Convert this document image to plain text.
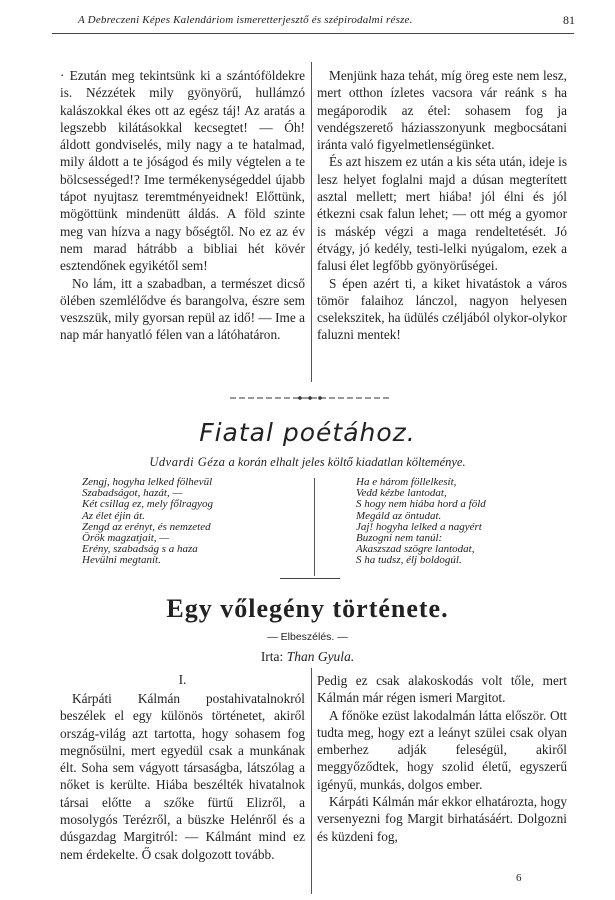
A Debreczeni Képes Kalendáriom ismeretterjesztő és szépirodalmi része.	81

· Ezután meg tekintsünk ki a szántóföldekre is. Nézzétek mily gyönyörű, hullámzó kalászokkal ékes ott az egész táj! Az aratás a legszebb kilátásokkal kecsegtet! — Óh! áldott gondviselés, mily nagy a te hatalmad, mily áldott a te jóságod és mily végtelen a te bölcsességed!? Ime termékenységeddel újabb tápot nyujtasz teremtményeidnek! Előttünk, mögöttünk mindenütt áldás. A föld szinte meg van hízva a nagy bőségtől. No ez az év nem marad hátrább a bibliai hét kövér esztendőnek egyikétől sem!

No lám, itt a szabadban, a természet dicső ölében szemlélődve és barangolva, észre sem veszszük, mily gyorsan repül az idő! — Ime a nap már hanyatló félen van a látóhatáron.

Menjünk haza tehát, míg öreg este nem lesz, mert otthon ízletes vacsora vár reánk s ha megáporodik az étel: sohasem fog ja vendégszerető háziasszonyunk megbocsátani iránta való figyelmetlenségünket.

És azt hiszem ez után a kis séta után, ideje is lesz helyet foglalni majd a dúsan megterített asztal mellett; mert hiába! jól élni és jól étkezni csak falun lehet; — ott még a gyomor is máskép végzi a maga rendeltetését. Jó étvágy, jó kedély, testi-lelki nyúgalom, ezek a falusi élet legfőbb gyönyörűségei.

S épen azért ti, a kiket hivatástok a város tömör falaihoz lánczol, nagyon helyesen cselekszitek, ha üdülés czéljából olykor-olykor faluzni mentek!

Fiatal poétához.
Udvardi Géza a korán elhalt jeles költő kiadatlan költeménye.
Zengj, hogyha lelked fölhevül
Szabadságot, hazát, —
Két csillag ez, mely főlragyog
Az élet éjin át.
Zengd az erényt, és nemzeted
Örök magzatjait, —
Erény, szabadság s a haza
Hevülni megtanít.
Ha e három föllelkesít,
Vedd kézbe lantodat,
S hogy nem hiába hord a föld
Megáld az öntudat.
Jaj! hogyha lelked a nagyért
Buzogni nem tanúl:
Akaszszad szögre lantodat,
S ha tudsz, élj boldogúl.
Egy vőlegény története.
— Elbeszélés. —
Irta: Than Gyula.
I.

Kárpáti Kálmán postahivatalnokról beszélek el egy különös történetet, akiről ország-világ azt tartotta, hogy sohasem fog megnősülni, mert egyedül csak a munkának élt. Soha sem vágyott társaságba, látszólag a nőket is kerülte. Hiába beszélték hivatalnok társai előtte a szőke fürtű Elizről, a mosolygós Terézről, a büszke Helénről és a dúsgazdag Margitról: — Kálmánt mind ez nem érdekelte. Ő csak dolgozott tovább.

Pedig ez csak alakoskodás volt tőle, mert Kálmán már régen ismeri Margitot.

A főnöke ezüst lakodalmán látta először. Ott tudta meg, hogy ezt a leányt szülei csak olyan emberhez adják feleségül, akiről meggyőződtek, hogy szolid életű, egyszerű igényű, munkás, dolgos ember.

Kárpáti Kálmán már ekkor elhatározta, hogy versenyezni fog Margit birhatásáért. Dolgozni és küzdeni fog,

6
